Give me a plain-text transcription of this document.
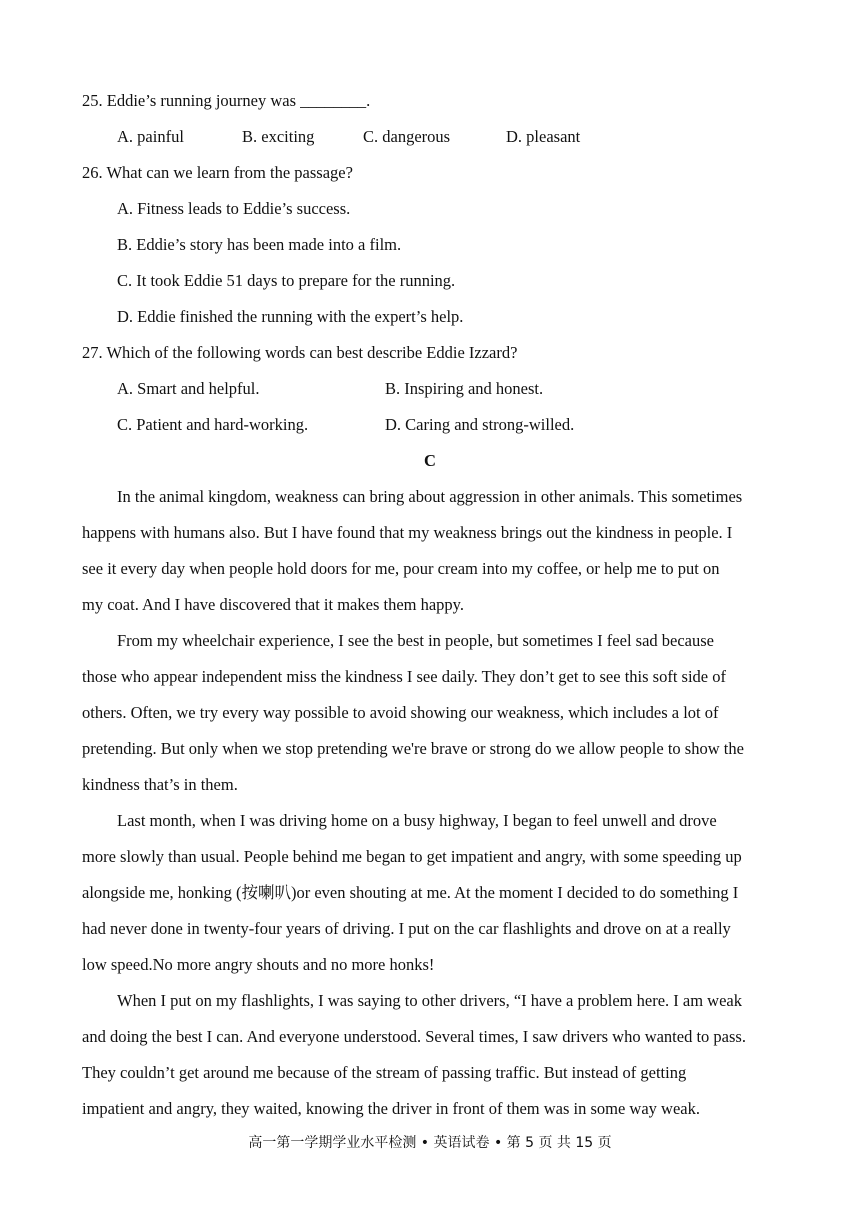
25. Eddie’s running journey was ________.
A. painful	B. exciting	C. dangerous	D. pleasant
26. What can we learn from the passage?
A. Fitness leads to Eddie’s success.
B. Eddie’s story has been made into a film.
C. It took Eddie 51 days to prepare for the running.
D. Eddie finished the running with the expert’s help.
27. Which of the following words can best describe Eddie Izzard?
A. Smart and helpful.	B. Inspiring and honest.
C. Patient and hard-working.	D. Caring and strong-willed.
C
In the animal kingdom, weakness can bring about aggression in other animals. This sometimes
happens with humans also. But I have found that my weakness brings out the kindness in people. I
see it every day when people hold doors for me, pour cream into my coffee, or help me to put on
my coat. And I have discovered that it makes them happy.
From my wheelchair experience, I see the best in people, but sometimes I feel sad because
those who appear independent miss the kindness I see daily. They don’t get to see this soft side of
others. Often, we try every way possible to avoid showing our weakness, which includes a lot of
pretending. But only when we stop pretending we're brave or strong do we allow people to show the
kindness that’s in them.
Last month, when I was driving home on a busy highway, I began to feel unwell and drove
more slowly than usual. People behind me began to get impatient and angry, with some speeding up
alongside me, honking (按喇叭)or even shouting at me. At the moment I decided to do something I
had never done in twenty-four years of driving. I put on the car flashlights and drove on at a really
low speed.No more angry shouts and no more honks!
When I put on my flashlights, I was saying to other drivers, “I have a problem here. I am weak
and doing the best I can. And everyone understood. Several times, I saw drivers who wanted to pass.
They couldn’t get around me because of the stream of passing traffic. But instead of getting
impatient and angry, they waited, knowing the driver in front of them was in some way weak.
高一第一学期学业水平检测 • 英语试卷 • 第 5 页 共 15 页
